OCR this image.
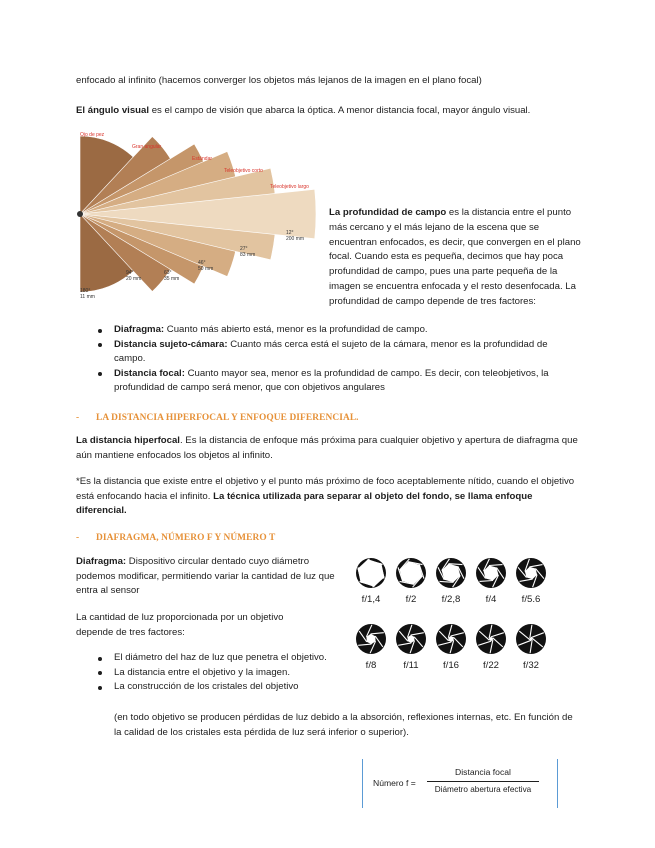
enfocado al infinito (hacemos converger los objetos más lejanos de la imagen en el plano focal)

El ángulo visual es el campo de visión que abarca la óptica. A menor distancia focal, mayor ángulo visual.

Ojo de pez
Gran angular
Estándar
Teleobjetivo corto
Teleobjetivo largo
180°
11 mm
94°
20 mm
63°
35 mm
46°
50 mm
27°
83 mm
12°
200 mm

La profundidad de campo es la distancia entre el punto más cercano y el más lejano de la escena que se encuentran enfocados, es decir, que convergen en el plano focal. Cuando esta es pequeña, decimos que hay poca profundidad de campo, pues una parte pequeña de la imagen se encuentra enfocada y el resto desenfocada. La profundidad de campo depende de tres factores:

Diafragma: Cuanto más abierto está, menor es la profundidad de campo.
Distancia sujeto-cámara: Cuanto más cerca está el sujeto de la cámara, menor es la profundidad de campo.
Distancia focal: Cuanto mayor sea, menor es la profundidad de campo. Es decir, con teleobjetivos, la profundidad de campo será menor, que con objetivos angulares
- LA DISTANCIA HIPERFOCAL Y ENFOQUE DIFERENCIAL.

La distancia hiperfocal. Es la distancia de enfoque más próxima para cualquier objetivo y apertura de diafragma que aún mantiene enfocados los objetos al infinito.

*Es la distancia que existe entre el objetivo y el punto más próximo de foco aceptablemente nítido, cuando el objetivo está enfocando hacia el infinito. La técnica utilizada para separar al objeto del fondo, se llama enfoque diferencial.

- DIAFRAGMA, NÚMERO F Y NÚMERO T

Diafragma: Dispositivo circular dentado cuyo diámetro podemos modificar, permitiendo variar la cantidad de luz que entra al sensor

La cantidad de luz proporcionada por un objetivo depende de tres factores:

El diámetro del haz de luz que penetra el objetivo.
La distancia entre el objetivo y la imagen.
La construcción de los cristales del objetivo

(en todo objetivo se producen pérdidas de luz debido a la absorción, reflexiones internas, etc. En función de la calidad de los cristales esta pérdida de luz será inferior o superior).

f/1,4	f/2	f/2,8	f/4	f/5.6
f/8	f/11	f/16	f/22	f/32
Número f =
Distancia focal
Diámetro abertura efectiva
